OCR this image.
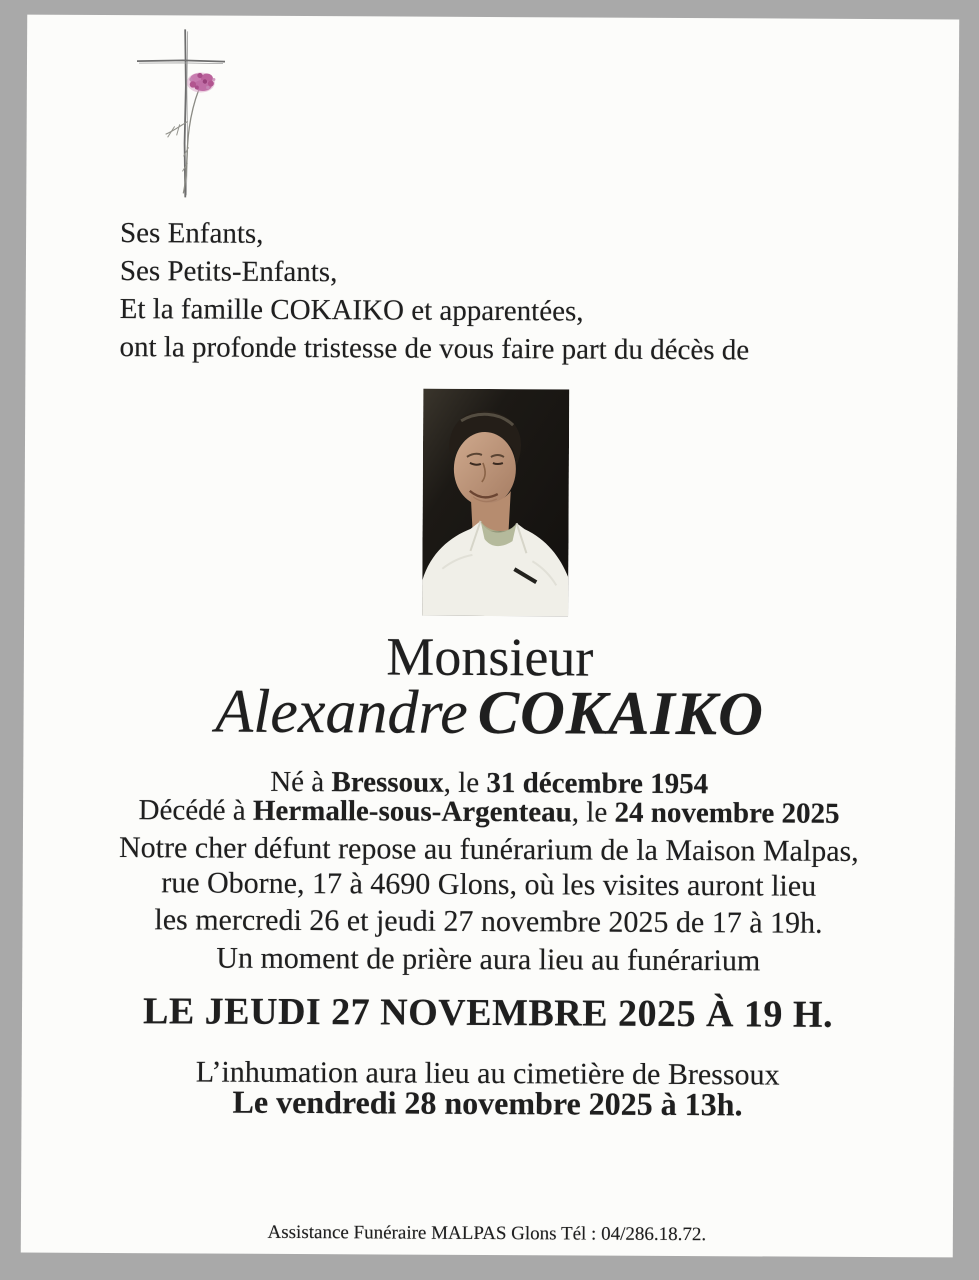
Ses Enfants,
Ses Petits-Enfants,
Et la famille COKAIKO et apparentées,
ont la profonde tristesse de vous faire part du décès de
Monsieur
Alexandre COKAIKO
Né à Bressoux, le 31 décembre 1954
Décédé à Hermalle-sous-Argenteau, le 24 novembre 2025
Notre cher défunt repose au funérarium de la Maison Malpas,
rue Oborne, 17 à 4690 Glons, où les visites auront lieu
les mercredi 26 et jeudi 27 novembre 2025 de 17 à 19h.
Un moment de prière aura lieu au funérarium
LE JEUDI 27 NOVEMBRE 2025 À 19 H.
L’inhumation aura lieu au cimetière de Bressoux
Le vendredi 28 novembre 2025 à 13h.
Assistance Funéraire MALPAS Glons Tél : 04/286.18.72.
